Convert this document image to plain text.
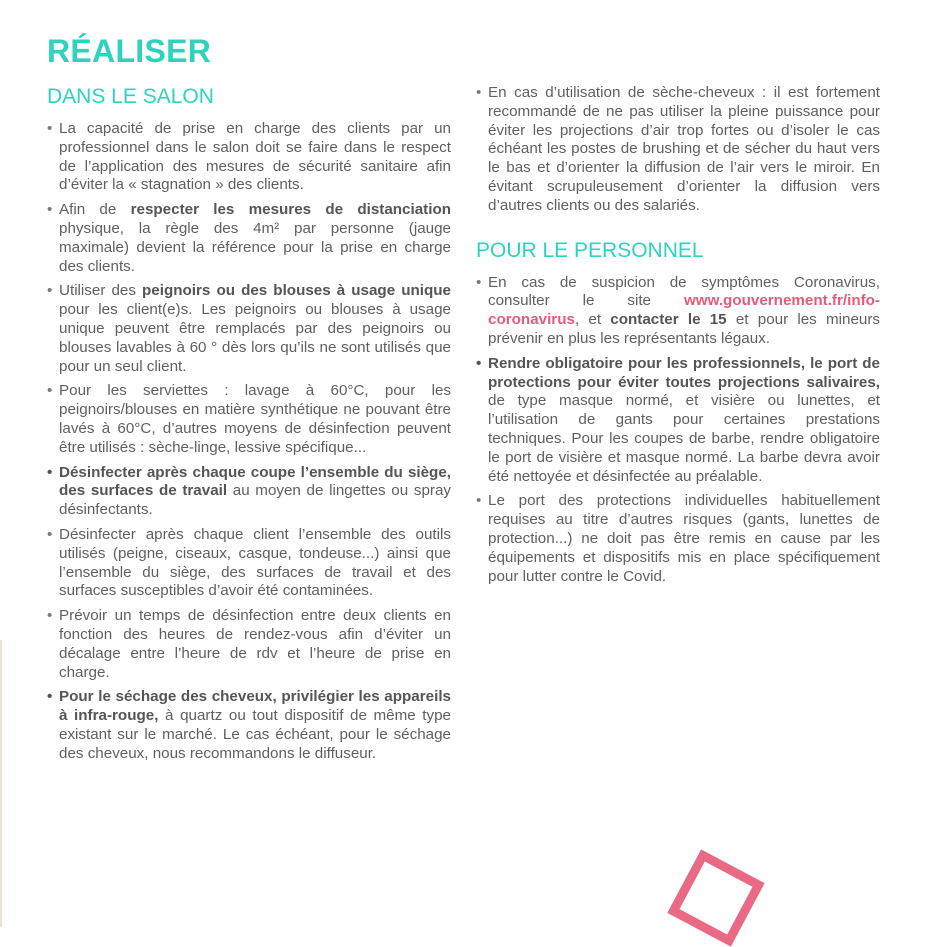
RÉALISER
DANS LE SALON
• La capacité de prise en charge des clients par un professionnel dans le salon doit se faire dans le respect de l’application des mesures de sécurité sanitaire afin d’éviter la « stagnation » des clients.
• Afin de respecter les mesures de distanciation physique, la règle des 4m² par personne (jauge maximale) devient la référence pour la prise en charge des clients.
• Utiliser des peignoirs ou des blouses à usage unique pour les client(e)s. Les peignoirs ou blouses à usage unique peuvent être remplacés par des peignoirs ou blouses lavables à 60 ° dès lors qu’ils ne sont utilisés que pour un seul client.
• Pour les serviettes : lavage à 60°C, pour les peignoirs/blouses en matière synthétique ne pouvant être lavés à 60°C, d’autres moyens de désinfection peuvent être utilisés : sèche-linge, lessive spécifique...
• Désinfecter après chaque coupe l’ensemble du siège, des surfaces de travail au moyen de lingettes ou spray désinfectants.
• Désinfecter après chaque client l’ensemble des outils utilisés (peigne, ciseaux, casque, tondeuse...) ainsi que l’ensemble du siège, des surfaces de travail et des surfaces susceptibles d’avoir été contaminées.
• Prévoir un temps de désinfection entre deux clients en fonction des heures de rendez-vous afin d’éviter un décalage entre l’heure de rdv et l’heure de prise en charge.
• Pour le séchage des cheveux, privilégier les appareils à infra-rouge, à quartz ou tout dispositif de même type existant sur le marché. Le cas échéant, pour le séchage des cheveux, nous recommandons le diffuseur.
• En cas d’utilisation de sèche-cheveux : il est fortement recommandé de ne pas utiliser la pleine puissance pour éviter les projections d’air trop fortes ou d’isoler le cas échéant les postes de brushing et de sécher du haut vers le bas et d’orienter la diffusion de l’air vers le miroir. En évitant scrupuleusement d’orienter la diffusion vers d’autres clients ou des salariés.
POUR LE PERSONNEL
• En cas de suspicion de symptômes Coronavirus, consulter le site www.gouvernement.fr/info-coronavirus, et contacter le 15 et pour les mineurs prévenir en plus les représentants légaux.
• Rendre obligatoire pour les professionnels, le port de protections pour éviter toutes projections salivaires, de type masque normé, et visière ou lunettes, et l’utilisation de gants pour certaines prestations techniques. Pour les coupes de barbe, rendre obligatoire le port de visière et masque normé. La barbe devra avoir été nettoyée et désinfectée au préalable.
• Le port des protections individuelles habituellement requises au titre d’autres risques (gants, lunettes de protection...) ne doit pas être remis en cause par les équipements et dispositifs mis en place spécifiquement pour lutter contre le Covid.
